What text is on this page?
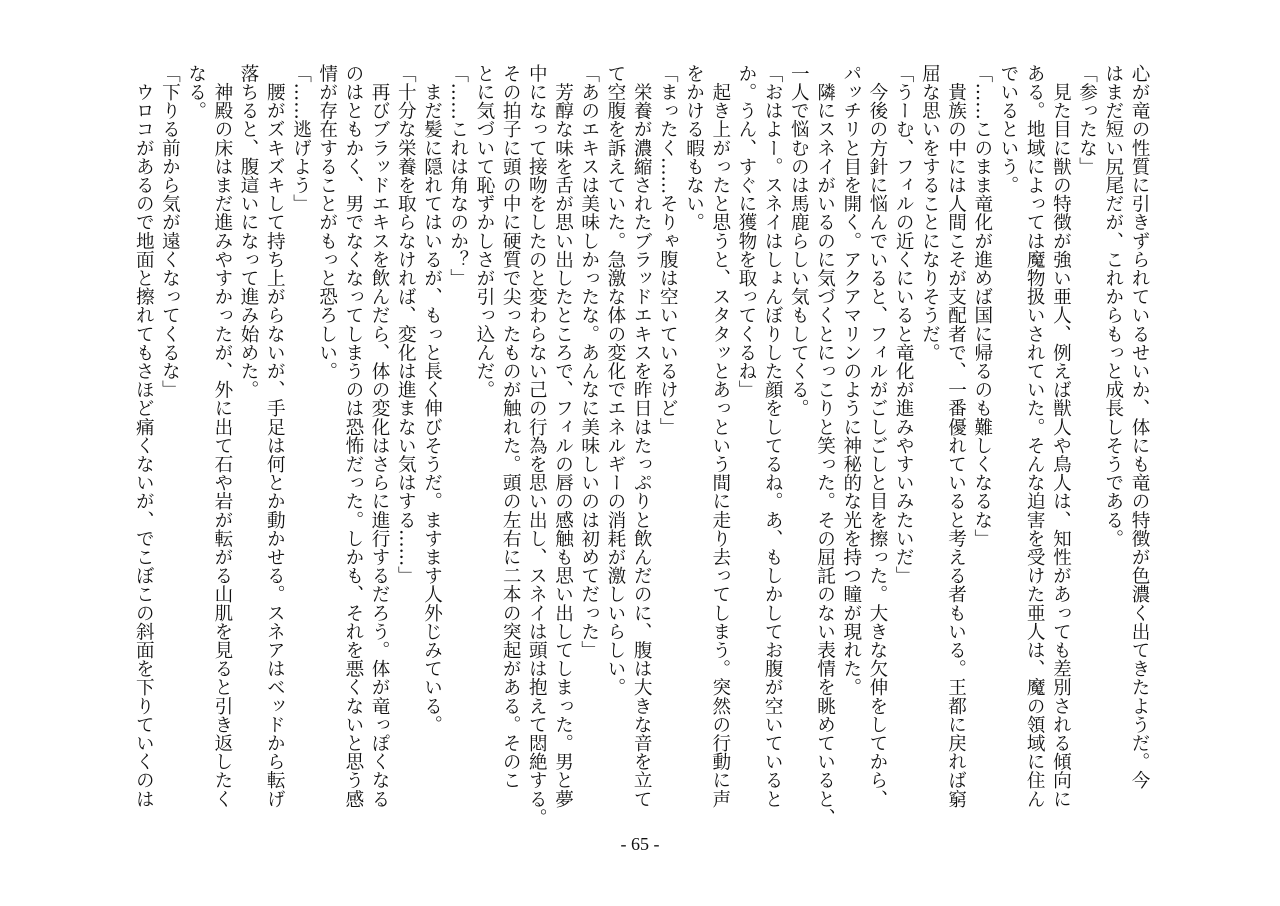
心が竜の性質に引きずられているせいか、体にも竜の特徴が色濃く出てきたようだ。今
はまだ短い尻尾だが、これからもっと成長しそうである。
「参ったな」
　見た目に獣の特徴が強い亜人、例えば獣人や鳥人は、知性があっても差別される傾向に
ある。地域によっては魔物扱いされていた。そんな迫害を受けた亜人は、魔の領域に住ん
でいるという。
「……このまま竜化が進めば国に帰るのも難しくなるな」
　貴族の中には人間こそが支配者で、一番優れていると考える者もいる。王都に戻れば窮
屈な思いをすることになりそうだ。
「うーむ、フィルの近くにいると竜化が進みやすいみたいだ」
　今後の方針に悩んでいると、フィルがごしごしと目を擦った。大きな欠伸をしてから、
パッチリと目を開く。アクアマリンのように神秘的な光を持つ瞳が現れた。
　隣にスネイがいるのに気づくとにっこりと笑った。その屈託のない表情を眺めていると、
一人で悩むのは馬鹿らしい気もしてくる。
「おはよー。スネイはしょんぼりした顔をしてるね。あ、もしかしてお腹が空いていると
か。うん、すぐに獲物を取ってくるね」
　起き上がったと思うと、スタタッとあっという間に走り去ってしまう。突然の行動に声
をかける暇もない。
「まったく……そりゃ腹は空いているけど」
　栄養が濃縮されたブラッドエキスを昨日はたっぷりと飲んだのに、腹は大きな音を立て
て空腹を訴えていた。急激な体の変化でエネルギーの消耗が激しいらしい。
「あのエキスは美味しかったな。あんなに美味しいのは初めてだった」
　芳醇な味を舌が思い出したところで、フィルの唇の感触も思い出してしまった。男と夢
中になって接吻をしたのと変わらない己の行為を思い出し、スネイは頭は抱えて悶絶する。
その拍子に頭の中に硬質で尖ったものが触れた。頭の左右に二本の突起がある。そのこ
とに気づいて恥ずかしさが引っ込んだ。
「……これは角なのか？」
　まだ髪に隠れてはいるが、もっと長く伸びそうだ。ますます人外じみている。
「十分な栄養を取らなければ、変化は進まない気はする……」
　再びブラッドエキスを飲んだら、体の変化はさらに進行するだろう。体が竜っぽくなる
のはともかく、男でなくなってしまうのは恐怖だった。しかも、それを悪くないと思う感
情が存在することがもっと恐ろしい。
「……逃げよう」
　腰がズキズキして持ち上がらないが、手足は何とか動かせる。スネアはベッドから転げ
落ちると、腹這いになって進み始めた。
　神殿の床はまだ進みやすかったが、外に出て石や岩が転がる山肌を見ると引き返したく
なる。
「下りる前から気が遠くなってくるな」
　ウロコがあるので地面と擦れてもさほど痛くないが、でこぼこの斜面を下りていくのは
- 65 -
